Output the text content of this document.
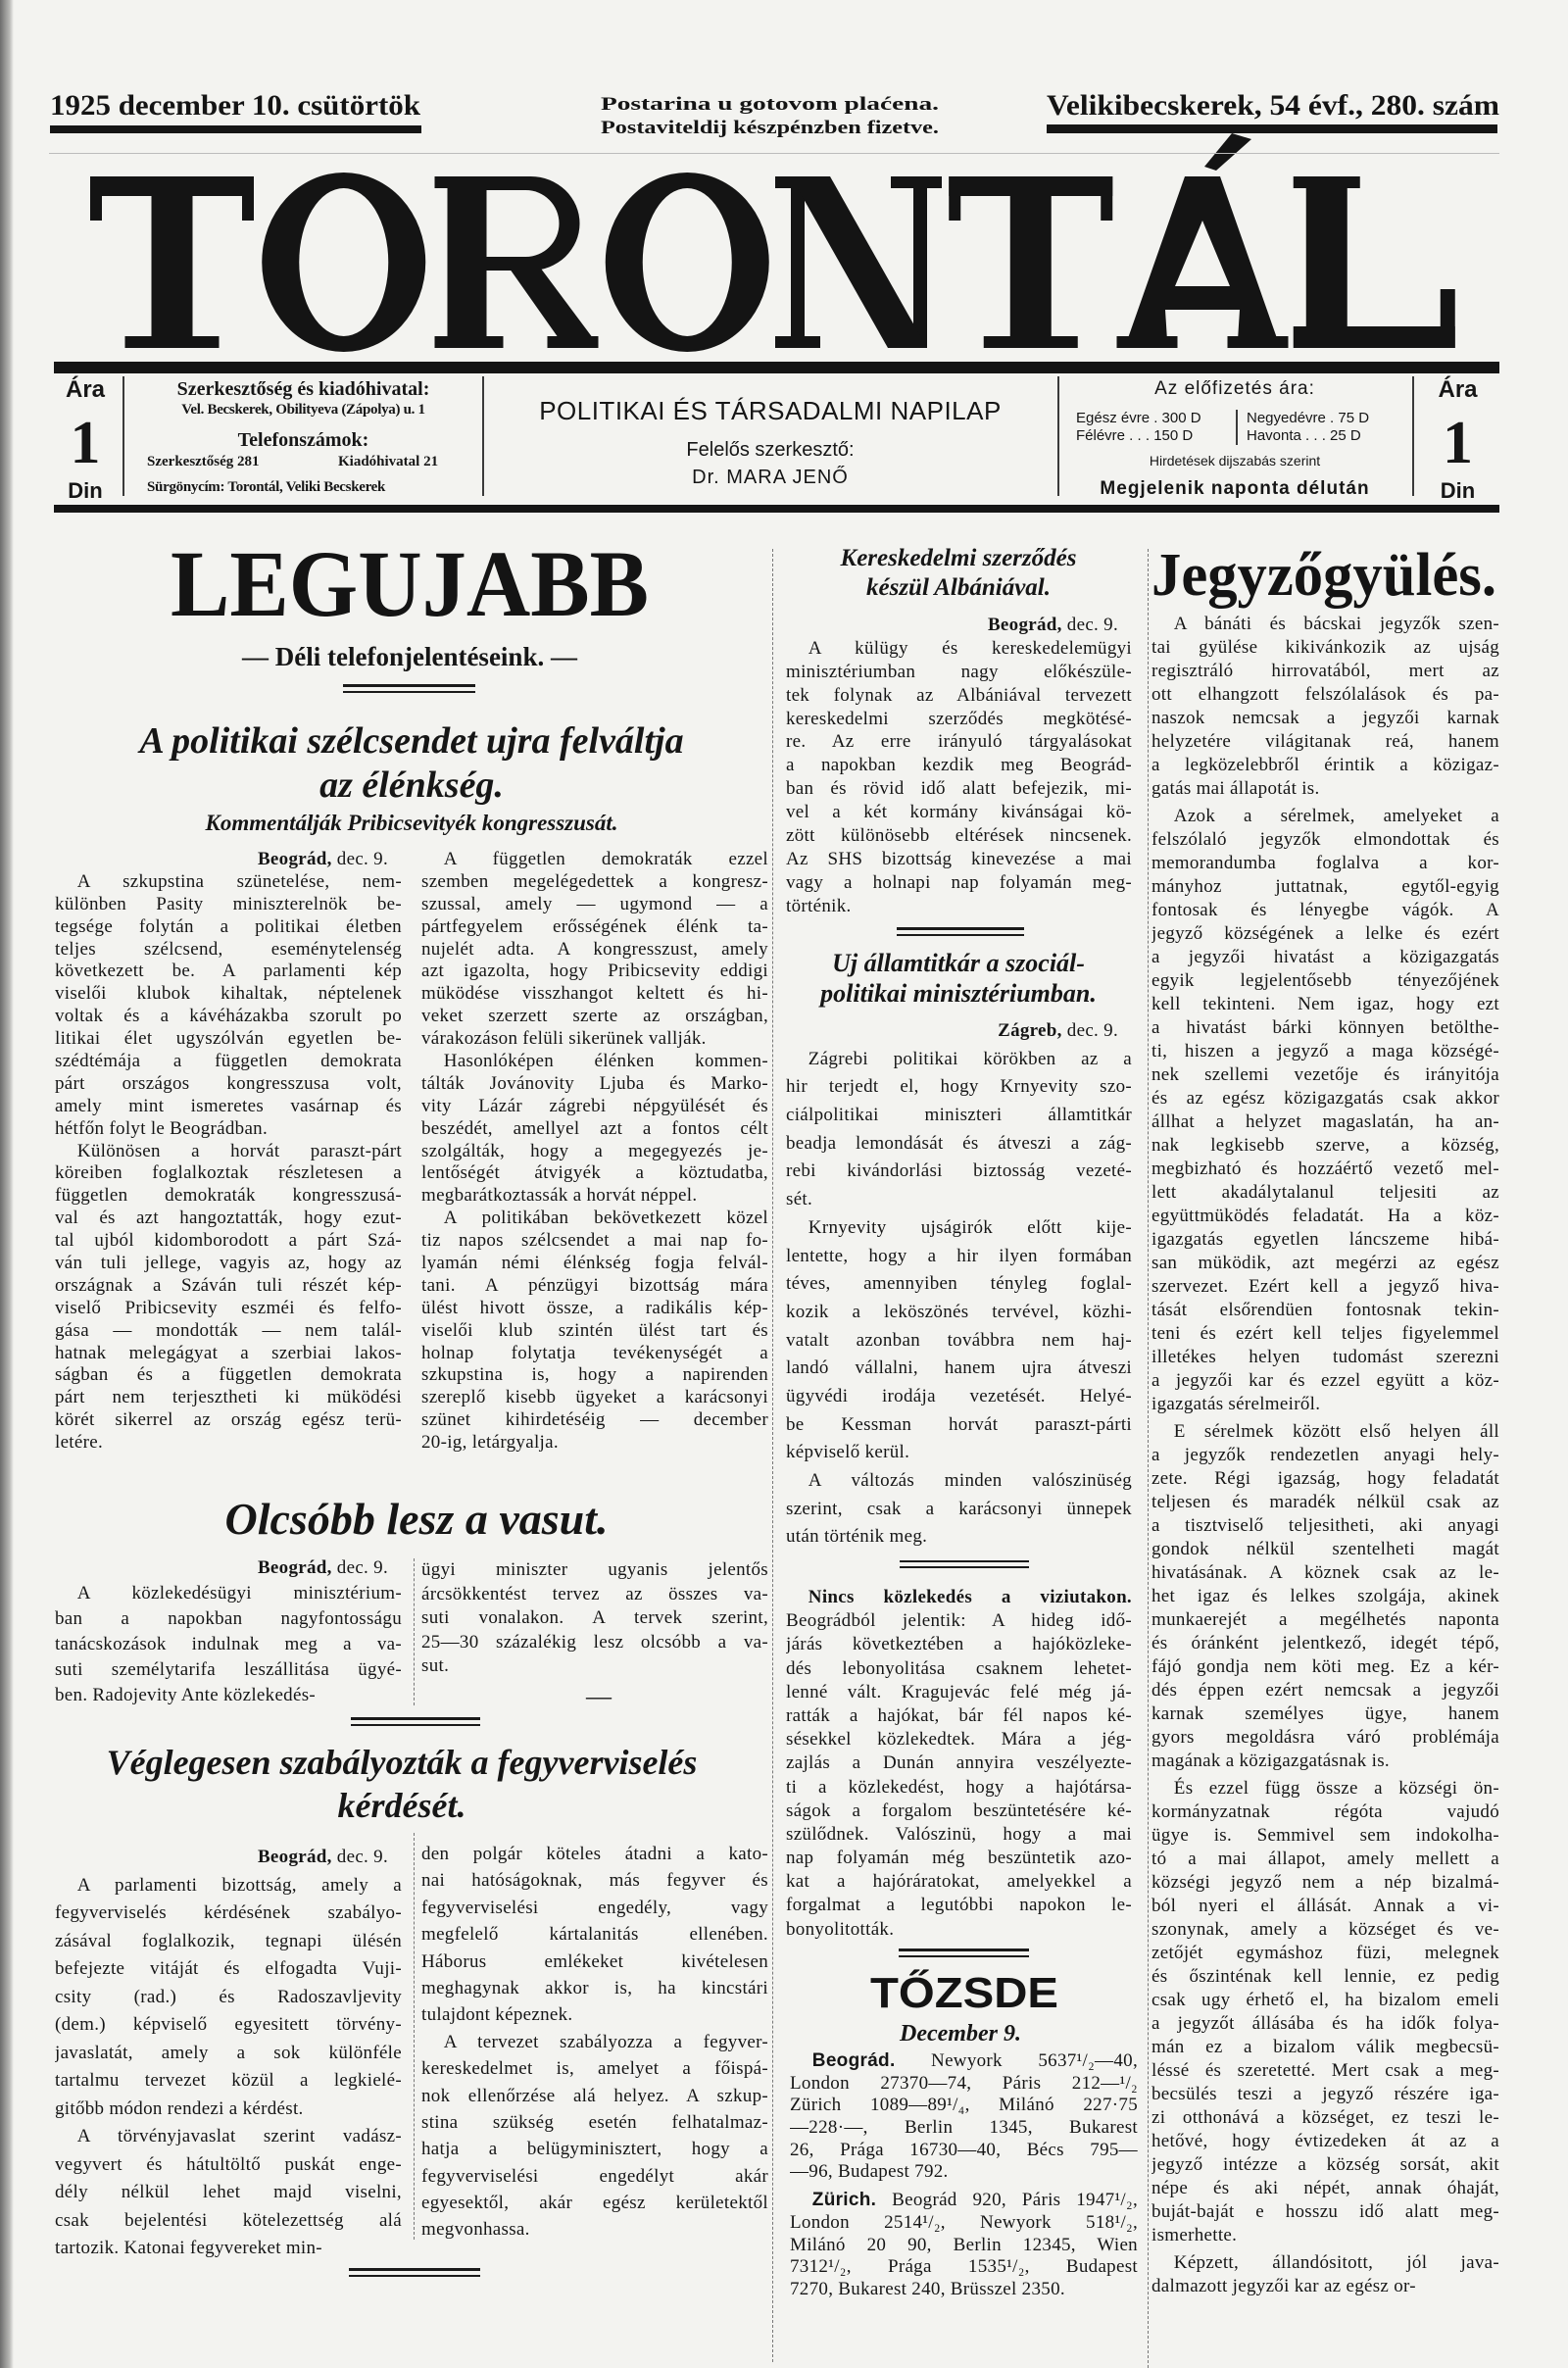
1925 december 10. csütörtök	Postarina u gotovom plaćena.
Postaviteldij készpénzben fizetve.
Velikibecskerek, 54 évf., 280. szám
Ára
1
Din
Szerkesztőség és kiadóhivatal:
Vel. Becskerek, Obilityeva (Zápolya) u. 1
Telefonszámok:
Szerkesztőség 281	Kiadóhivatal 21
Sürgönycím: Torontál, Veliki Becskerek
POLITIKAI ÉS TÁRSADALMI NAPILAP
Felelős szerkesztő:
Dr. MARA JENŐ
Az előfizetés ára:
Egész évre . 300 D
Félévre . . . 150 D
Negyedévre . 75 D
Havonta . . . 25 D
Hirdetések dijszabás szerint
Megjelenik naponta délután
Ára
1
Din
LEGUJABB
— Déli telefonjelentéseink. —
A politikai szélcsendet ujra felváltja
az élénkség.
Kommentálják Pribicsevityék kongresszusát.
Beográd, dec. 9.
A szkupstina szünetelése, nem-
különben Pasity miniszterelnök be-
tegsége folytán a politikai életben
teljes szélcsend, eseménytelenség
következett be. A parlamenti kép
viselői klubok kihaltak, néptelenek
voltak és a kávéházakba szorult po
litikai élet ugyszólván egyetlen be-
szédtémája a független demokrata
párt országos kongresszusa volt,
amely mint ismeretes vasárnap és
hétfőn folyt le Beográdban.
Különösen a horvát paraszt-párt
köreiben foglalkoztak részletesen a
független demokraták kongresszusá-
val és azt hangoztatták, hogy ezut-
tal ujból kidomborodott a párt Szá-
ván tuli jellege, vagyis az, hogy az
országnak a Száván tuli részét kép-
viselő Pribicsevity eszméi és felfo-
gása — mondották — nem talál-
hatnak melegágyat a szerbiai lakos-
ságban és a független demokrata
párt nem terjesztheti ki müködési
körét sikerrel az ország egész terü-
letére.
A független demokraták ezzel
szemben megelégedettek a kongresz-
szussal, amely — ugymond — a
pártfegyelem erősségének élénk ta-
nujelét adta. A kongresszust, amely
azt igazolta, hogy Pribicsevity eddigi
müködése visszhangot keltett és hi-
veket szerzett szerte az országban,
várakozáson felüli sikerünek vallják.
Hasonlóképen élénken kommen-
tálták Jovánovity Ljuba és Marko-
vity Lázár zágrebi népgyülését és
beszédét, amellyel azt a fontos célt
szolgálták, hogy a megegyezés je-
lentőségét átvigyék a köztudatba,
megbarátkoztassák a horvát néppel.
A politikában bekövetkezett közel
tiz napos szélcsendet a mai nap fo-
lyamán némi élénkség fogja felvál-
tani. A pénzügyi bizottság mára
ülést hivott össze, a radikális kép-
viselői klub szintén ülést tart és
holnap folytatja tevékenységét a
szkupstina is, hogy a napirenden
szereplő kisebb ügyeket a karácsonyi
szünet kihirdetéséig — december
20-ig, letárgyalja.
Olcsóbb lesz a vasut.
Beográd, dec. 9.
A közlekedésügyi minisztérium-
ban a napokban nagyfontosságu
tanácskozások indulnak meg a va-
suti személytarifa leszállitása ügyé-
ben. Radojevity Ante közlekedés-
ügyi miniszter ugyanis jelentős
árcsökkentést tervez az összes va-
suti vonalakon. A tervek szerint,
25—30 százalékig lesz olcsóbb a va-
sut.
—
Véglegesen szabályozták a fegyverviselés
kérdését.
Beográd, dec. 9.
A parlamenti bizottság, amely a
fegyverviselés kérdésének szabályo-
zásával foglalkozik, tegnapi ülésén
befejezte vitáját és elfogadta Vuji-
csity (rad.) és Radoszavljevity
(dem.) képviselő egyesitett törvény-
javaslatát, amely a sok különféle
tartalmu tervezet közül a legkielé-
gitőbb módon rendezi a kérdést.
A törvényjavaslat szerint vadász-
vegyvert és hátultöltő puskát enge-
dély nélkül lehet majd viselni,
csak bejelentési kötelezettség alá
tartozik. Katonai fegyvereket min-
den polgár köteles átadni a kato-
nai hatóságoknak, más fegyver és
fegyverviselési engedély, vagy
megfelelő kártalanitás ellenében.
Háborus emlékeket kivételesen
meghagynak akkor is, ha kincstári
tulajdont képeznek.
A tervezet szabályozza a fegyver-
kereskedelmet is, amelyet a főispá-
nok ellenőrzése alá helyez. A szkup-
stina szükség esetén felhatalmaz-
hatja a belügyminisztert, hogy a
fegyverviselési engedélyt akár
egyesektől, akár egész kerületektől
megvonhassa.
Kereskedelmi szerződés
készül Albániával.
Beográd, dec. 9.
A külügy és kereskedelemügyi
minisztériumban nagy előkészüle-
tek folynak az Albániával tervezett
kereskedelmi szerződés megkötésé-
re. Az erre irányuló tárgyalásokat
a napokban kezdik meg Beográd-
ban és rövid idő alatt befejezik, mi-
vel a két kormány kivánságai kö-
zött különösebb eltérések nincsenek.
Az SHS bizottság kinevezése a mai
vagy a holnapi nap folyamán meg-
történik.
Uj államtitkár a szociál-
politikai minisztériumban.
Zágreb, dec. 9.
Zágrebi politikai körökben az a
hir terjedt el, hogy Krnyevity szo-
ciálpolitikai miniszteri államtitkár
beadja lemondását és átveszi a zág-
rebi kivándorlási biztosság vezeté-
sét.
Krnyevity ujságirók előtt kije-
lentette, hogy a hir ilyen formában
téves, amennyiben tényleg foglal-
kozik a leköszönés tervével, közhi-
vatalt azonban továbbra nem haj-
landó vállalni, hanem ujra átveszi
ügyvédi irodája vezetését. Helyé-
be Kessman horvát paraszt-párti
képviselő kerül.
A változás minden valószinüség
szerint, csak a karácsonyi ünnepek
után történik meg.
Nincs közlekedés a viziutakon.
Beográdból jelentik: A hideg idő-
járás következtében a hajóközleke-
dés lebonyolitása csaknem lehetet-
lenné vált. Kragujevác felé még já-
ratták a hajókat, bár fél napos ké-
sésekkel közlekedtek. Mára a jég-
zajlás a Dunán annyira veszélyezte-
ti a közlekedést, hogy a hajótársa-
ságok a forgalom beszüntetésére ké-
szülődnek. Valószinü, hogy a mai
nap folyamán még beszüntetik azo-
kat a hajóráratokat, amelyekkel a
forgalmat a legutóbbi napokon le-
bonyolitották.
TŐZSDE
December 9.
Beográd. Newyork 5637¹/₂—40,
London 27370—74, Páris 212—¹/₂
Zürich 1089—89¹/₄, Milánó 227·75
—228·—, Berlin 1345, Bukarest
26, Prága 16730—40, Bécs 795—
—96, Budapest 792.
Zürich. Beográd 920, Páris 1947¹/₂,
London 2514¹/₂, Newyork 518¹/₂,
Milánó 20 90, Berlin 12345, Wien
7312¹/₂, Prága 1535¹/₂, Budapest
7270, Bukarest 240, Brüsszel 2350.
Jegyzőgyülés.
A bánáti és bácskai jegyzők szen-
tai gyülése kikivánkozik az ujság
regisztráló hirrovatából, mert az
ott elhangzott felszólalások és pa-
naszok nemcsak a jegyzői karnak
helyzetére világitanak reá, hanem
a legközelebbről érintik a közigaz-
gatás mai állapotát is.
Azok a sérelmek, amelyeket a
felszólaló jegyzők elmondottak és
memorandumba foglalva a kor-
mányhoz juttatnak, egytől-egyig
fontosak és lényegbe vágók. A
jegyző községének a lelke és ezért
a jegyzői hivatást a közigazgatás
egyik legjelentősebb tényezőjének
kell tekinteni. Nem igaz, hogy ezt
a hivatást bárki könnyen betölthe-
ti, hiszen a jegyző a maga községé-
nek szellemi vezetője és irányitója
és az egész közigazgatás csak akkor
állhat a helyzet magaslatán, ha an-
nak legkisebb szerve, a község,
megbizható és hozzáértő vezető mel-
lett akadálytalanul teljesiti az
együttmüködés feladatát. Ha a köz-
igazgatás egyetlen láncszeme hibá-
san müködik, azt megérzi az egész
szervezet. Ezért kell a jegyző hiva-
tását elsőrendüen fontosnak tekin-
teni és ezért kell teljes figyelemmel
illetékes helyen tudomást szerezni
a jegyzői kar és ezzel együtt a köz-
igazgatás sérelmeiről.
E sérelmek között első helyen áll
a jegyzők rendezetlen anyagi hely-
zete. Régi igazság, hogy feladatát
teljesen és maradék nélkül csak az
a tisztviselő teljesitheti, aki anyagi
gondok nélkül szentelheti magát
hivatásának. A köznek csak az le-
het igaz és lelkes szolgája, akinek
munkaerejét a megélhetés naponta
és óránként jelentkező, idegét tépő,
fájó gondja nem köti meg. Ez a kér-
dés éppen ezért nemcsak a jegyzői
karnak személyes ügye, hanem
gyors megoldásra váró problémája
magának a közigazgatásnak is.
És ezzel függ össze a községi ön-
kormányzatnak régóta vajudó
ügye is. Semmivel sem indokolha-
tó a mai állapot, amely mellett a
községi jegyző nem a nép bizalmá-
ból nyeri el állását. Annak a vi-
szonynak, amely a községet és ve-
zetőjét egymáshoz füzi, melegnek
és őszinténak kell lennie, ez pedig
csak ugy érhető el, ha bizalom emeli
a jegyzőt állásába és ha idők folya-
mán ez a bizalom válik megbecsü-
léssé és szeretetté. Mert csak a meg-
becsülés teszi a jegyző részére iga-
zi otthonává a községet, ez teszi le-
hetővé, hogy évtizedeken át az a
jegyző intézze a község sorsát, akit
népe és aki népét, annak óhaját,
buját-baját e hosszu idő alatt meg-
ismerhette.
Képzett, állandósitott, jól java-
dalmazott jegyzői kar az egész or-
